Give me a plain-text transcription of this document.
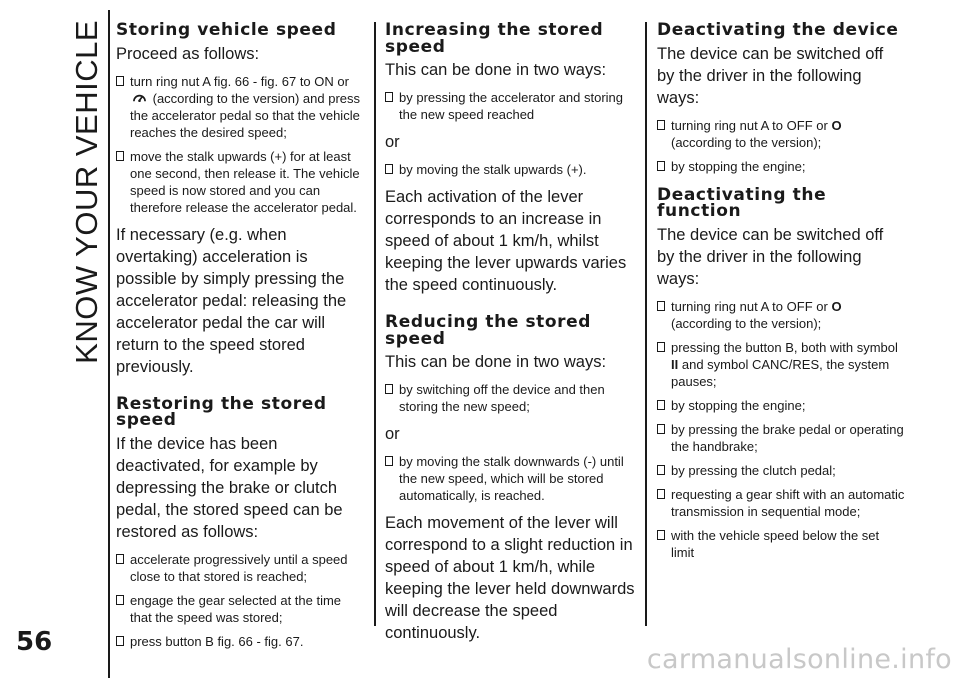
KNOW YOUR VEHICLE Storing vehicle speed

Proceed as follows:

turn ring nut A fig. 66 - fig. 67 to ON or  (according to the version) and press the accelerator pedal so that the vehicle reaches the desired speed;
move the stalk upwards (+) for at least one second, then release it. The vehicle speed is now stored and you can therefore release the accelerator pedal.

If necessary (e.g. when overtaking) acceleration is possible by simply pressing the accelerator pedal: releasing the accelerator pedal the car will return to the speed stored previously.

Restoring the stored speed

If the device has been deactivated, for example by depressing the brake or clutch pedal, the stored speed can be restored as follows:

accelerate progressively until a speed close to that stored is reached;
engage the gear selected at the time that the speed was stored;
press button B fig. 66 - fig. 67.
Increasing the stored speed

This can be done in two ways:

by pressing the accelerator and storing the new speed reached

or

by moving the stalk upwards (+).

Each activation of the lever corresponds to an increase in speed of about 1 km/h, whilst keeping the lever upwards varies the speed continuously.

Reducing the stored speed

This can be done in two ways:

by switching off the device and then storing the new speed;

or

by moving the stalk downwards (-) until the new speed, which will be stored automatically, is reached.

Each movement of the lever will correspond to a slight reduction in speed of about 1 km/h, while keeping the lever held downwards will decrease the speed continuously.

Deactivating the device

The device can be switched off by the driver in the following ways:

turning ring nut A to OFF or O (according to the version);
by stopping the engine;
Deactivating the function

The device can be switched off by the driver in the following ways:

turning ring nut A to OFF or O (according to the version);
pressing the button B, both with symbol II and symbol CANC/RES, the system pauses;
by stopping the engine;
by pressing the brake pedal or operating the handbrake;
by pressing the clutch pedal;
requesting a gear shift with an automatic transmission in sequential mode;
with the vehicle speed below the set limit
56
carmanualsonline.info
